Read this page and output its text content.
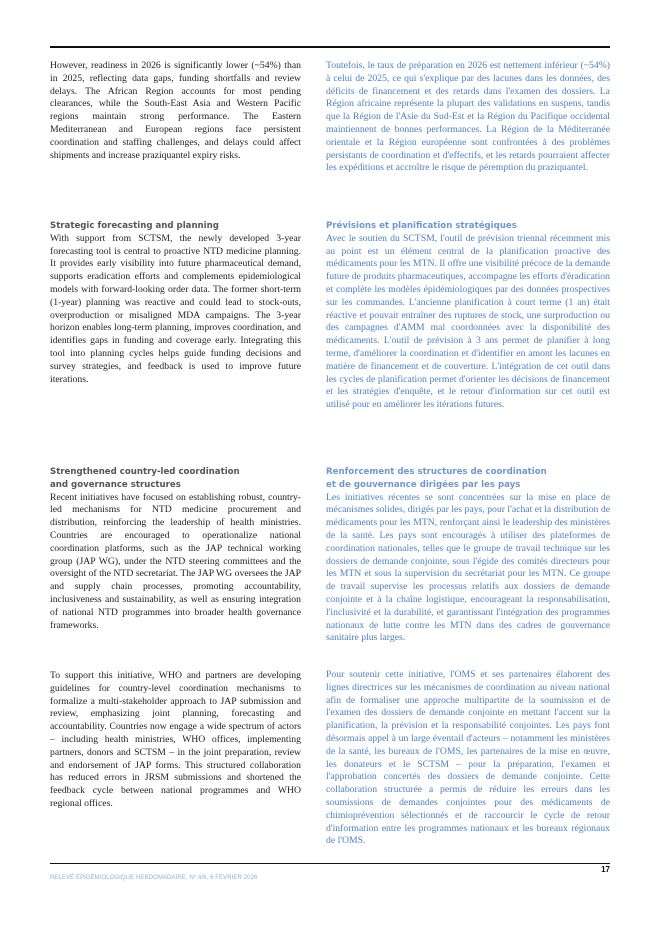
However, readiness in 2026 is significantly lower (~54%) than in 2025, reflecting data gaps, funding shortfalls and review delays. The African Region accounts for most pending clearances, while the South-East Asia and Western Pacific regions maintain strong performance. The Eastern Mediterranean and European regions face persistent coordination and staffing challenges, and delays could affect shipments and increase praziquantel expiry risks.

Strategic forecasting and planning

With support from SCTSM, the newly developed 3-year forecasting tool is central to proactive NTD medicine planning. It provides early visibility into future pharmaceutical demand, supports eradication efforts and complements epidemiological models with forward-looking order data. The former short-term (1-year) planning was reactive and could lead to stock-outs, overproduction or misaligned MDA campaigns. The 3-year horizon enables long-term planning, improves coordination, and identifies gaps in funding and coverage early. Integrating this tool into planning cycles helps guide funding decisions and survey strategies, and feedback is used to improve future iterations.

Strengthened country-led coordination
and governance structures

Recent initiatives have focused on establishing robust, country-led mechanisms for NTD medicine procurement and distribution, reinforcing the leadership of health ministries. Countries are encouraged to operationalize national coordination platforms, such as the JAP technical working group (JAP WG), under the NTD steering committees and the oversight of the NTD secretariat. The JAP WG oversees the JAP and supply chain processes, promoting accountability, inclusiveness and sustainability, as well as ensuring integration of national NTD programmes into broader health governance frameworks.

To support this initiative, WHO and partners are developing guidelines for country-level coordination mechanisms to formalize a multi-stakeholder approach to JAP submission and review, emphasizing joint planning, forecasting and accountability. Countries now engage a wide spectrum of actors – including health ministries, WHO offices, implementing partners, donors and SCTSM – in the joint preparation, review and endorsement of JAP forms. This structured collaboration has reduced errors in JRSM submissions and shortened the feedback cycle between national programmes and WHO regional offices.

Toutefois, le taux de préparation en 2026 est nettement inférieur (~54%) à celui de 2025, ce qui s'explique par des lacunes dans les données, des déficits de financement et des retards dans l'examen des dossiers. La Région africaine représente la plupart des validations en suspens, tandis que la Région de l'Asie du Sud-Est et la Région du Pacifique occidental maintiennent de bonnes performances. La Région de la Méditerranée orientale et la Région européenne sont confrontées à des problèmes persistants de coordination et d'effectifs, et les retards pourraient affecter les expéditions et accroître le risque de péremption du praziquantel.

Prévisions et planification stratégiques

Avec le soutien du SCTSM, l'outil de prévision triennal récemment mis au point est un élément central de la planification proactive des médicaments pour les MTN. Il offre une visibilité précoce de la demande future de produits pharmaceutiques, accompagne les efforts d'éradication et complète les modèles épidémiologiques par des données prospectives sur les commandes. L'ancienne planification à court terme (1 an) était réactive et pouvait entraîner des ruptures de stock, une surproduction ou des campagnes d'AMM mal coordonnées avec la disponibilité des médicaments. L'outil de prévision à 3 ans permet de planifier à long terme, d'améliorer la coordination et d'identifier en amont les lacunes en matière de financement et de couverture. L'intégration de cet outil dans les cycles de planification permet d'orienter les décisions de financement et les stratégies d'enquête, et le retour d'information sur cet outil est utilisé pour en améliorer les itérations futures.

Renforcement des structures de coordination
et de gouvernance dirigées par les pays

Les initiatives récentes se sont concentrées sur la mise en place de mécanismes solides, dirigés par les pays, pour l'achat et la distribution de médicaments pour les MTN, renforçant ainsi le leadership des ministères de la santé. Les pays sont encouragés à utiliser des plateformes de coordination nationales, telles que le groupe de travail technique sur les dossiers de demande conjointe, sous l'égide des comités directeurs pour les MTN et sous la supervision du secrétariat pour les MTN. Ce groupe de travail supervise les processus relatifs aux dossiers de demande conjointe et à la chaîne logistique, encourageant la responsabilisation, l'inclusivité et la durabilité, et garantissant l'intégration des programmes nationaux de lutte contre les MTN dans des cadres de gouvernance sanitaire plus larges.

Pour soutenir cette initiative, l'OMS et ses partenaires élaborent des lignes directrices sur les mécanismes de coordination au niveau national afin de formaliser une approche multipartite de la soumission et de l'examen des dossiers de demande conjointe en mettant l'accent sur la planification, la prévision et la responsabilité conjointes. Les pays font désormais appel à un large éventail d'acteurs – notamment les ministères de la santé, les bureaux de l'OMS, les partenaires de la mise en œuvre, les donateurs et le SCTSM – pour la préparation, l'examen et l'approbation concertés des dossiers de demande conjointe. Cette collaboration structurée a permis de réduire les erreurs dans les soumissions de demandes conjointes pour des médicaments de chimioprévention sélectionnés et de raccourcir le cycle de retour d'information entre les programmes nationaux et les bureaux régionaux de l'OMS.

RELEVÉ ÉPIDÉMIOLOGIQUE HEBDOMADAIRE, Nº 4/6, 6 FÉVRIER 2026
17
